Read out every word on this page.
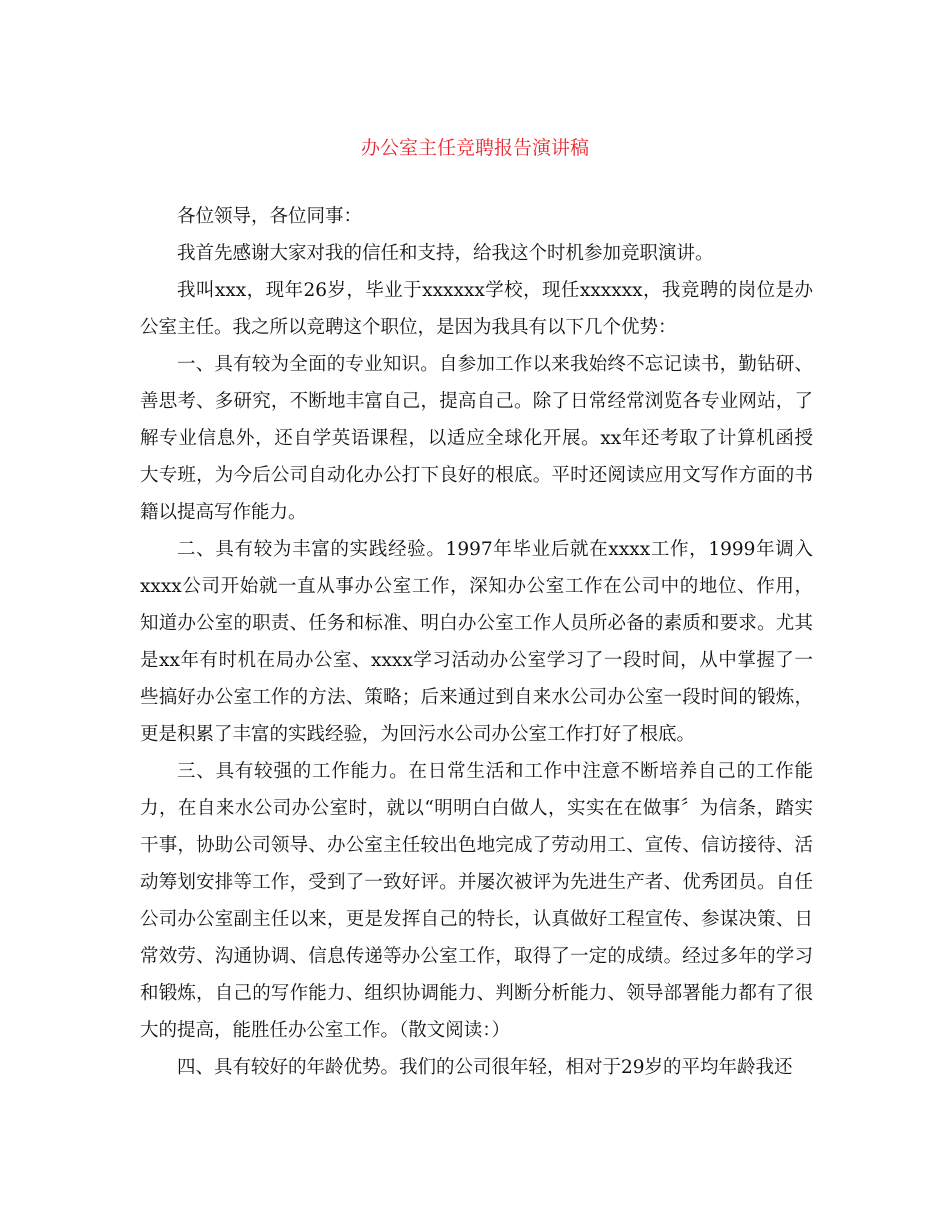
办公室主任竞聘报告演讲稿
各位领导，各位同事：
我首先感谢大家对我的信任和支持，给我这个时机参加竞职演讲。
我叫xxx，现年26岁，毕业于xxxxxx学校，现任xxxxxx，我竞聘的岗位是办
公室主任。我之所以竞聘这个职位，是因为我具有以下几个优势：
一、具有较为全面的专业知识。自参加工作以来我始终不忘记读书，勤钻研、
善思考、多研究，不断地丰富自己，提高自己。除了日常经常浏览各专业网站，了
解专业信息外，还自学英语课程，以适应全球化开展。xx年还考取了计算机函授
大专班，为今后公司自动化办公打下良好的根底。平时还阅读应用文写作方面的书
籍以提高写作能力。
二、具有较为丰富的实践经验。1997年毕业后就在xxxx工作，1999年调入
xxxx公司开始就一直从事办公室工作，深知办公室工作在公司中的地位、作用，
知道办公室的职责、任务和标准、明白办公室工作人员所必备的素质和要求。尤其
是xx年有时机在局办公室、xxxx学习活动办公室学习了一段时间，从中掌握了一
些搞好办公室工作的方法、策略；后来通过到自来水公司办公室一段时间的锻炼，
更是积累了丰富的实践经验，为回污水公司办公室工作打好了根底。
三、具有较强的工作能力。在日常生活和工作中注意不断培养自己的工作能
力，在自来水公司办公室时，就以“明明白白做人，实实在在做事〞为信条，踏实
干事，协助公司领导、办公室主任较出色地完成了劳动用工、宣传、信访接待、活
动筹划安排等工作，受到了一致好评。并屡次被评为先进生产者、优秀团员。自任
公司办公室副主任以来，更是发挥自己的特长，认真做好工程宣传、参谋决策、日
常效劳、沟通协调、信息传递等办公室工作，取得了一定的成绩。经过多年的学习
和锻炼，自己的写作能力、组织协调能力、判断分析能力、领导部署能力都有了很
大的提高，能胜任办公室工作。（散文阅读：）
四、具有较好的年龄优势。我们的公司很年轻，相对于29岁的平均年龄我还
